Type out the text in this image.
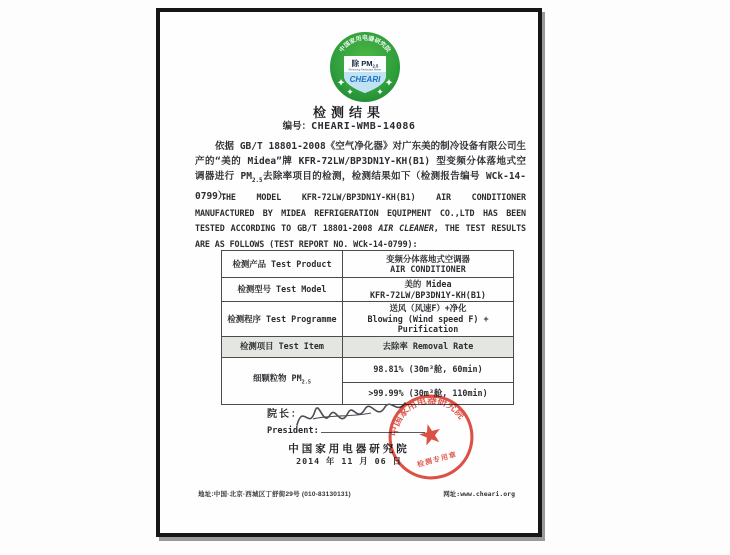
中国家用电器研究院
除 $PM_{2.5}$
Removing Particulate Matter
CHEARI
检测结果
编号：CHEARI-WMB-14086
依据 GB/T 18801-2008《空气净化器》对广东美的制冷设备有限公司生产的“美的 Midea”牌 KFR-72LW/BP3DN1Y-KH(B1) 型变频分体落地式空调器进行 $PM_{2.5}$去除率项目的检测，检测结果如下（检测报告编号 WCk-14-0799）：
THE MODEL KFR-72LW/BP3DN1Y-KH(B1) AIR CONDITIONER MANUFACTURED BY MIDEA REFRIGERATION EQUIPMENT CO.,LTD HAS BEEN TESTED ACCORDING TO GB/T 18801-2008 AIR CLEANER, THE TEST RESULTS ARE AS FOLLOWS (TEST REPORT NO. WCk-14-0799):
检测产品 Test Product	变频分体落地式空调器
AIR CONDITIONER

检测型号 Test Model	美的 Midea
KFR-72LW/BP3DN1Y-KH(B1)

检测程序 Test Programme	送风（风速F）+净化
Blowing (Wind speed F) +
Purification

检测项目 Test Item	去除率 Removal Rate
细颗粒物 $PM_{2.5}$	98.81% (30m³舱, 60min)
	>99.99% (30m³舱, 110min)
院长：
President:
中国家用电器研究院
2014 年 11 月 06 日
中国家用电器研究院
检测专用章
地址:中国·北京·西城区丁舒街29号 (010-83130131)	网址:www.cheari.org
